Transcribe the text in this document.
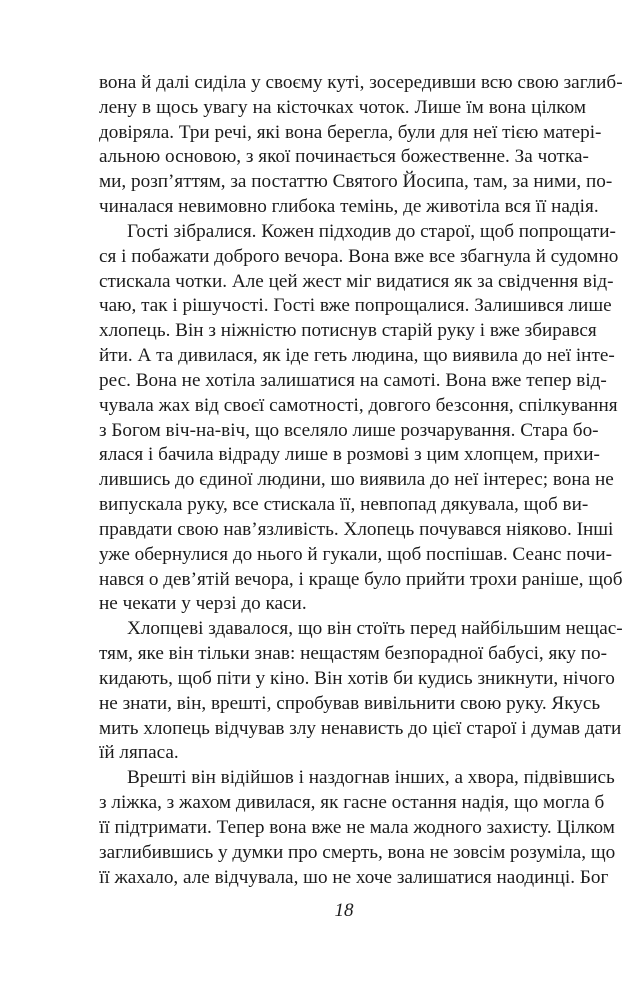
вона й далі сиділа у своєму куті, зосередивши всю свою заглиб-
лену в щось увагу на кісточках чоток. Лише їм вона цілком
довіряла. Три речі, які вона берегла, були для неї тією матері-
альною основою, з якої починається божественне. За чотка-
ми, розп’яттям, за постаттю Святого Йосипа, там, за ними, по-
чиналася невимовно глибока темінь, де животіла вся її надія.
Гості зібралися. Кожен підходив до старої, щоб попрощати-
ся і побажати доброго вечора. Вона вже все збагнула й судомно
стискала чотки. Але цей жест міг видатися як за свідчення від-
чаю, так і рішучості. Гості вже попрощалися. Залишився лише
хлопець. Він з ніжністю потиснув старій руку і вже збирався
йти. А та дивилася, як іде геть людина, що виявила до неї інте-
рес. Вона не хотіла залишатися на самоті. Вона вже тепер від-
чувала жах від своєї самотності, довгого безсоння, спілкування
з Богом віч-на-віч, що вселяло лише розчарування. Стара бо-
ялася і бачила відраду лише в розмові з цим хлопцем, прихи-
лившись до єдиної людини, шо виявила до неї інтерес; вона не
випускала руку, все стискала її, невпопад дякувала, щоб ви-
правдати свою нав’язливість. Хлопець почувався ніяково. Інші
уже обернулися до нього й гукали, щоб поспішав. Сеанс почи-
нався о дев’ятій вечора, і краще було прийти трохи раніше, щоб
не чекати у черзі до каси.
Хлопцеві здавалося, що він стоїть перед найбільшим нещас-
тям, яке він тільки знав: нещастям безпорадної бабусі, яку по-
кидають, щоб піти у кіно. Він хотів би кудись зникнути, нічого
не знати, він, врешті, спробував вивільнити свою руку. Якусь
мить хлопець відчував злу ненависть до цієї старої і думав дати
їй ляпаса.
Врешті він відійшов і наздогнав інших, а хвора, підвівшись
з ліжка, з жахом дивилася, як гасне остання надія, що могла б
її підтримати. Тепер вона вже не мала жодного захисту. Цілком
заглибившись у думки про смерть, вона не зовсім розуміла, що
її жахало, але відчувала, шо не хоче залишатися наодинці. Бог
18
